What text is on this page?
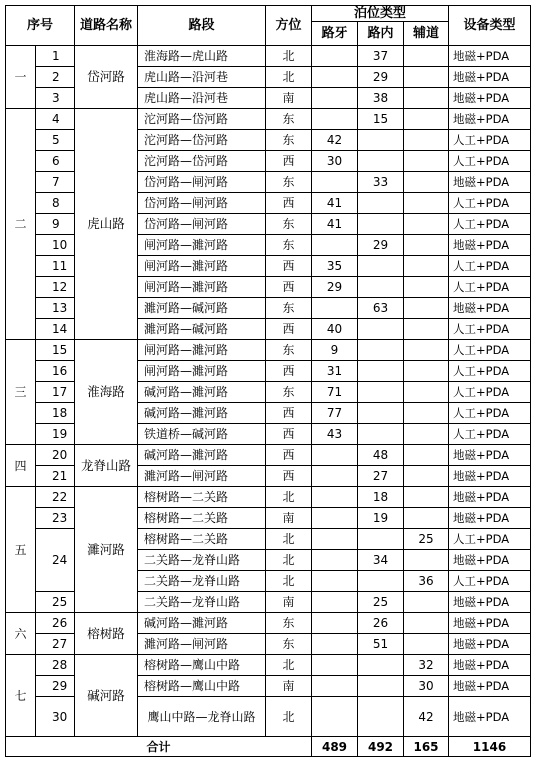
序号		道路名称	路段	方位	泊位类型			设备类型
					路牙	路内	辅道	
一	1	岱河路	淮海路—虎山路	北		37		地磁+PDA
	2		虎山路—沿河巷	北		29		地磁+PDA
	3		虎山路—沿河巷	南		38		地磁+PDA
二	4	虎山路	沱河路—岱河路	东		15		地磁+PDA
	5		沱河路—岱河路	东	42			人工+PDA
	6		沱河路—岱河路	西	30			人工+PDA
	7		岱河路—闸河路	东		33		地磁+PDA
	8		岱河路—闸河路	西	41			人工+PDA
	9		岱河路—闸河路	东	41			人工+PDA
	10		闸河路—濉河路	东		29		地磁+PDA
	11		闸河路—濉河路	西	35			人工+PDA
	12		闸河路—濉河路	西	29			人工+PDA
	13		濉河路—碱河路	东		63		地磁+PDA
	14		濉河路—碱河路	西	40			人工+PDA
三	15	淮海路	闸河路—濉河路	东	9			人工+PDA
	16		闸河路—濉河路	西	31			人工+PDA
	17		碱河路—濉河路	东	71			人工+PDA
	18		碱河路—濉河路	西	77			人工+PDA
	19		铁道桥—碱河路	西	43			人工+PDA
四	20	龙脊山路	碱河路—濉河路	西		48		地磁+PDA
	21		濉河路—闸河路	西		27		地磁+PDA
五	22	濉河路	榕树路—二关路	北		18		地磁+PDA
	23		榕树路—二关路	南		19		地磁+PDA
	24		榕树路—二关路	北			25	人工+PDA
			二关路—龙脊山路	北		34		地磁+PDA
			二关路—龙脊山路	北			36	人工+PDA
	25		二关路—龙脊山路	南		25		地磁+PDA
六	26	榕树路	碱河路—濉河路	东		26		地磁+PDA
	27		濉河路—闸河路	东		51		地磁+PDA
七	28	碱河路	榕树路—鹰山中路	北			32	地磁+PDA
	29		榕树路—鹰山中路	南			30	地磁+PDA
	30		鹰山中路—龙脊山路	北			42	地磁+PDA
合计					489	492	165	1146
